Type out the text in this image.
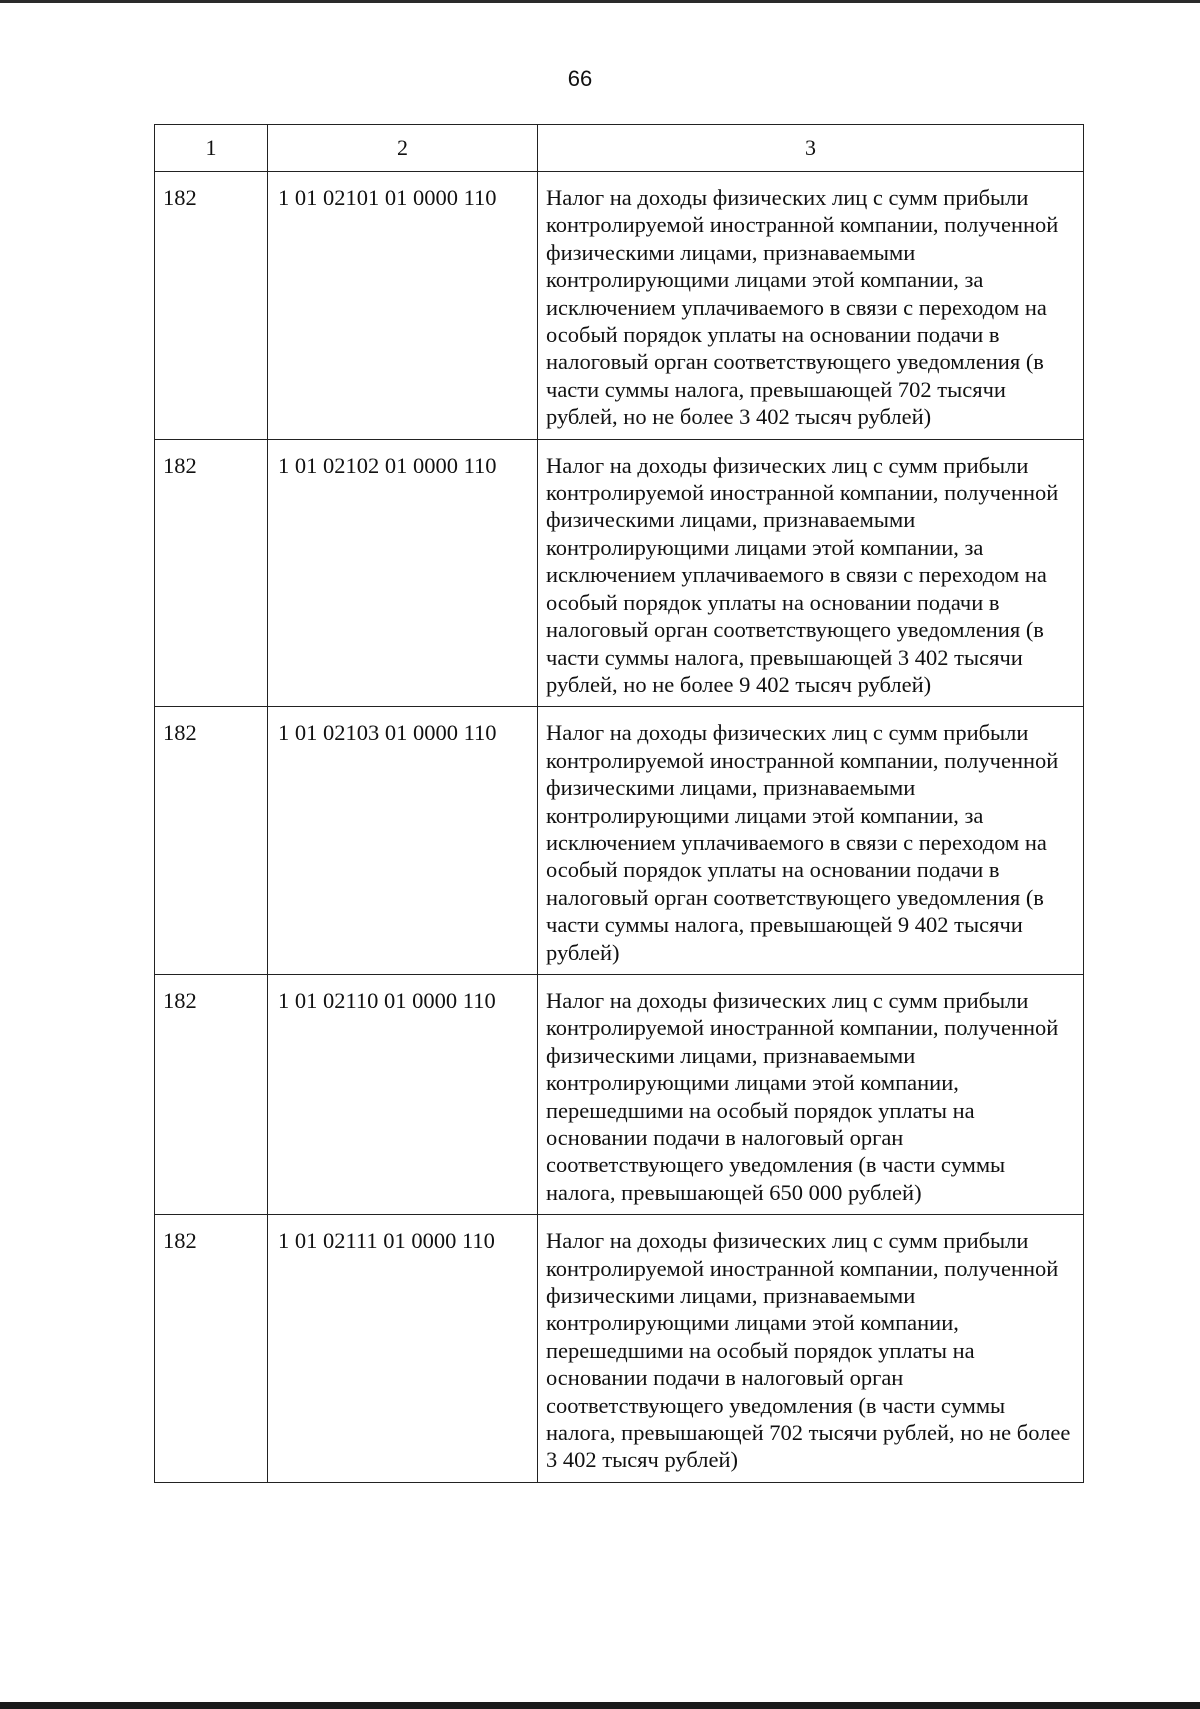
66
1	2	3
182	1 01 02101 01 0000 110	Налог на доходы физических лиц с сумм прибыли контролируемой иностранной компании, полученной физическими лицами, признаваемыми контролирующими лицами этой компании, за исключением уплачиваемого в связи с переходом на особый порядок уплаты на основании подачи в налоговый орган соответствующего уведомления (в части суммы налога, превышающей 702 тысячи рублей, но не более 3 402 тысяч рублей)
182	1 01 02102 01 0000 110	Налог на доходы физических лиц с сумм прибыли контролируемой иностранной компании, полученной физическими лицами, признаваемыми контролирующими лицами этой компании, за исключением уплачиваемого в связи с переходом на особый порядок уплаты на основании подачи в налоговый орган соответствующего уведомления (в части суммы налога, превышающей 3 402 тысячи рублей, но не более 9 402 тысяч рублей)
182	1 01 02103 01 0000 110	Налог на доходы физических лиц с сумм прибыли контролируемой иностранной компании, полученной физическими лицами, признаваемыми контролирующими лицами этой компании, за исключением уплачиваемого в связи с переходом на особый порядок уплаты на основании подачи в налоговый орган соответствующего уведомления (в части суммы налога, превышающей 9 402 тысячи рублей)
182	1 01 02110 01 0000 110	Налог на доходы физических лиц с сумм прибыли контролируемой иностранной компании, полученной физическими лицами, признаваемыми контролирующими лицами этой компании, перешедшими на особый порядок уплаты на основании подачи в налоговый орган соответствующего уведомления (в части суммы налога, превышающей 650 000 рублей)
182	1 01 02111 01 0000 110	Налог на доходы физических лиц с сумм прибыли контролируемой иностранной компании, полученной физическими лицами, признаваемыми контролирующими лицами этой компании, перешедшими на особый порядок уплаты на основании подачи в налоговый орган соответствующего уведомления (в части суммы налога, превышающей 702 тысячи рублей, но не более 3 402 тысяч рублей)
